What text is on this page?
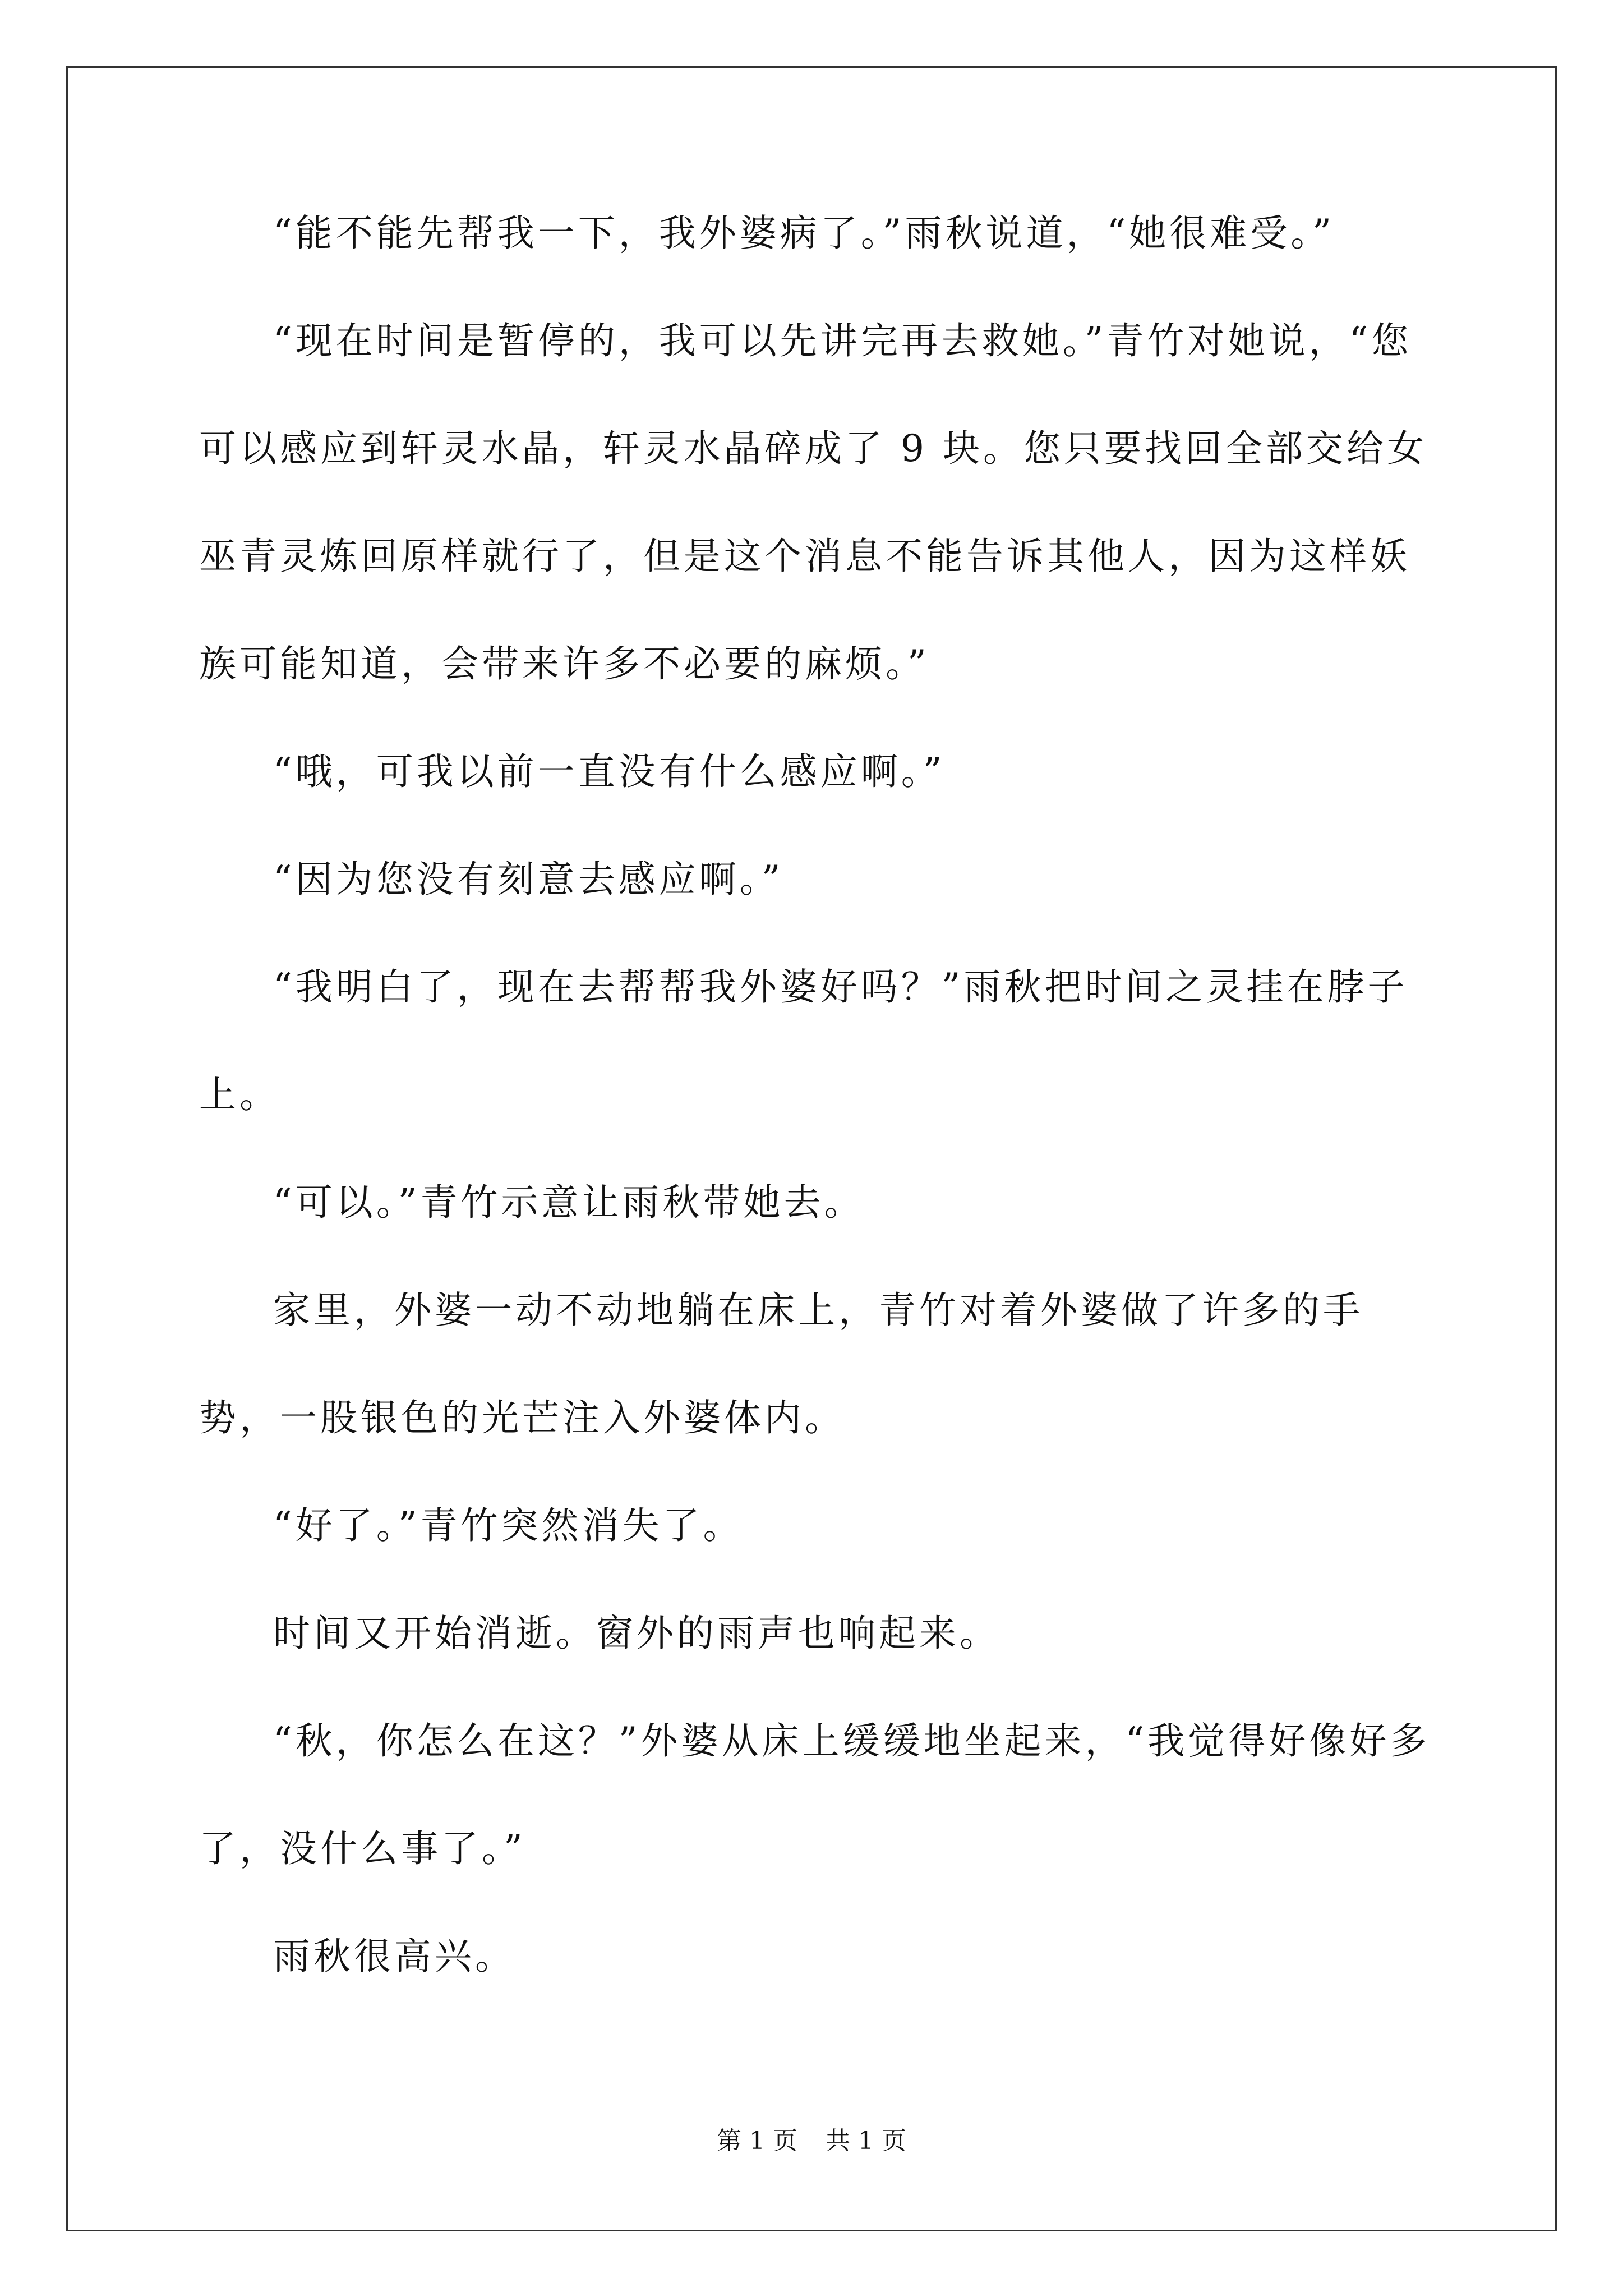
“能不能先帮我一下，我外婆病了。”雨秋说道，“她很难受。”

“现在时间是暂停的，我可以先讲完再去救她。”青竹对她说，“您可以感应到轩灵水晶，轩灵水晶碎成了 9 块。您只要找回全部交给女巫青灵炼回原样就行了，但是这个消息不能告诉其他人，因为这样妖族可能知道，会带来许多不必要的麻烦。”

“哦，可我以前一直没有什么感应啊。”

“因为您没有刻意去感应啊。”

“我明白了，现在去帮帮我外婆好吗？”雨秋把时间之灵挂在脖子上。

“可以。”青竹示意让雨秋带她去。

家里，外婆一动不动地躺在床上，青竹对着外婆做了许多的手势，一股银色的光芒注入外婆体内。

“好了。”青竹突然消失了。

时间又开始消逝。窗外的雨声也响起来。

“秋，你怎么在这？”外婆从床上缓缓地坐起来，“我觉得好像好多了，没什么事了。”

雨秋很高兴。

第 1 页 共 1 页
